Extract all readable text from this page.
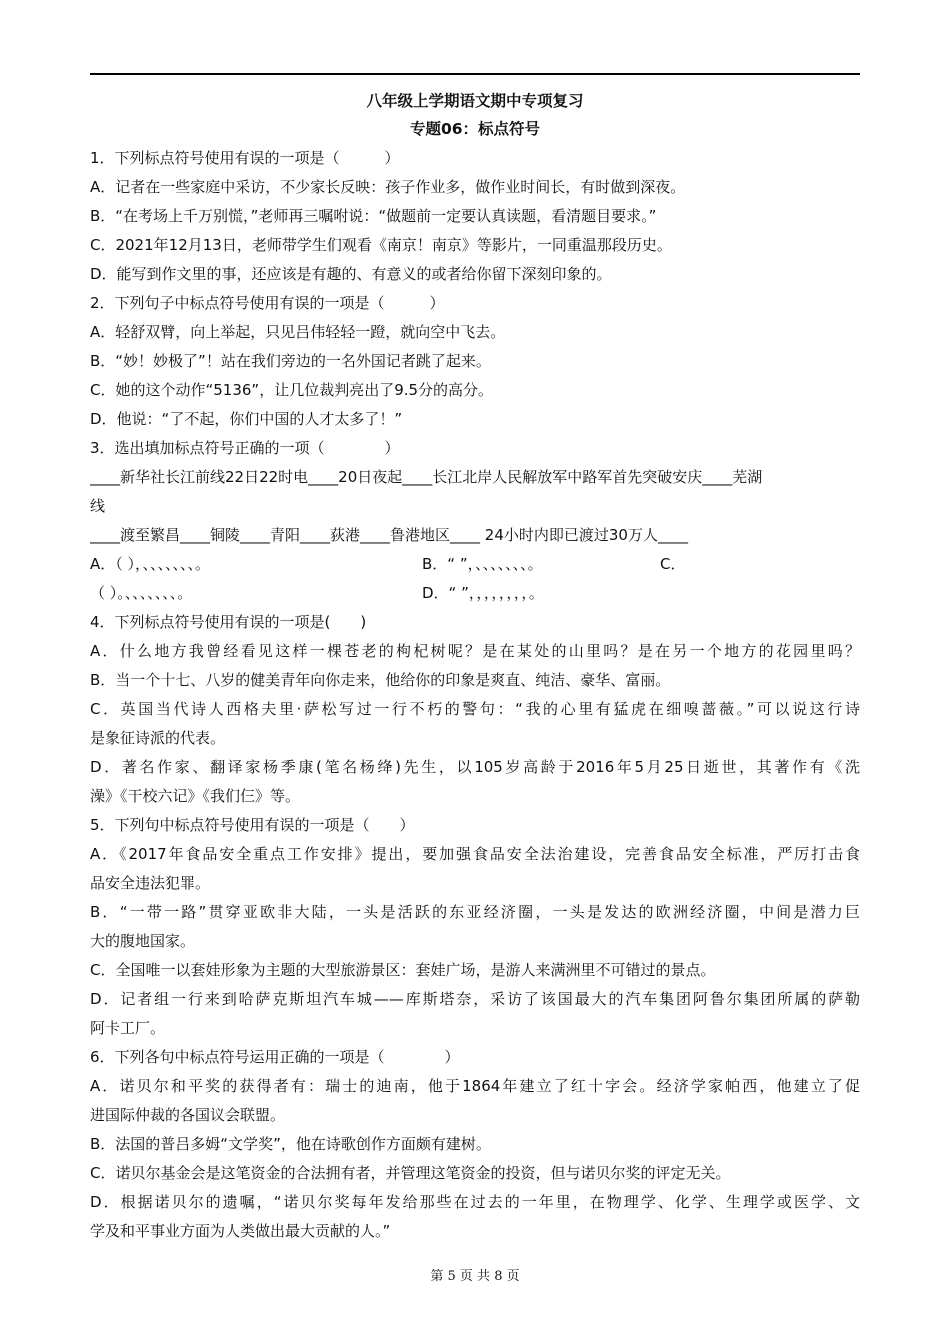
八年级上学期语文期中专项复习
专题06：标点符号
1．下列标点符号使用有误的一项是（　　　）
A．记者在一些家庭中采访，不少家长反映：孩子作业多，做作业时间长，有时做到深夜。
B．“在考场上千万别慌，”老师再三嘱咐说：“做题前一定要认真读题，看清题目要求。”
C．2021年12月13日，老师带学生们观看《南京！南京》等影片，一同重温那段历史。
D．能写到作文里的事，还应该是有趣的、有意义的或者给你留下深刻印象的。
2．下列句子中标点符号使用有误的一项是（　　　）
A．轻舒双臂，向上举起，只见吕伟轻轻一蹬，就向空中飞去。
B．“妙！妙极了”！站在我们旁边的一名外国记者跳了起来。
C．她的这个动作“5136”，让几位裁判亮出了9.5分的高分。
D．他说：“了不起，你们中国的人才太多了！”
3．选出填加标点符号正确的一项（　　　　）
____新华社长江前线22日22时电____20日夜起____长江北岸人民解放军中路军首先突破安庆____芜湖
线
____渡至繁昌____铜陵____青阳____荻港____鲁港地区____ 24小时内即已渡过30万人____
A．（ ），、、、、、、、。	B．“ ”，、、、、、、、。	C．
（ ）。、、、、、、、。	D．“ ”，，，，，，，，。
4．下列标点符号使用有误的一项是(　　)
A．什么地方我曾经看见这样一棵苍老的枸杞树呢？是在某处的山里吗？是在另一个地方的花园里吗？
B．当一个十七、八岁的健美青年向你走来，他给你的印象是爽直、纯洁、豪华、富丽。
C．英国当代诗人西格夫里·萨松写过一行不朽的警句：“我的心里有猛虎在细嗅蔷薇。”可以说这行诗
是象征诗派的代表。
D．著名作家、翻译家杨季康(笔名杨绛)先生，以105岁高龄于2016年5月25日逝世，其著作有《洗
澡》《干校六记》《我们仨》等。
5．下列句中标点符号使用有误的一项是（　　）
A．《2017年食品安全重点工作安排》提出，要加强食品安全法治建设，完善食品安全标准，严厉打击食
品安全违法犯罪。
B．“一带一路”贯穿亚欧非大陆，一头是活跃的东亚经济圈，一头是发达的欧洲经济圈，中间是潜力巨
大的腹地国家。
C．全国唯一以套娃形象为主题的大型旅游景区：套娃广场，是游人来满洲里不可错过的景点。
D．记者组一行来到哈萨克斯坦汽车城——库斯塔奈，采访了该国最大的汽车集团阿鲁尔集团所属的萨勒
阿卡工厂。
6．下列各句中标点符号运用正确的一项是（　　　　）
A．诺贝尔和平奖的获得者有：瑞士的迪南，他于1864年建立了红十字会。经济学家帕西，他建立了促
进国际仲裁的各国议会联盟。
B．法国的普吕多姆“文学奖”，他在诗歌创作方面颇有建树。
C．诺贝尔基金会是这笔资金的合法拥有者，并管理这笔资金的投资，但与诺贝尔奖的评定无关。
D．根据诺贝尔的遗嘱，“诺贝尔奖每年发给那些在过去的一年里，在物理学、化学、生理学或医学、文
学及和平事业方面为人类做出最大贡献的人。”
第 5 页 共 8 页
